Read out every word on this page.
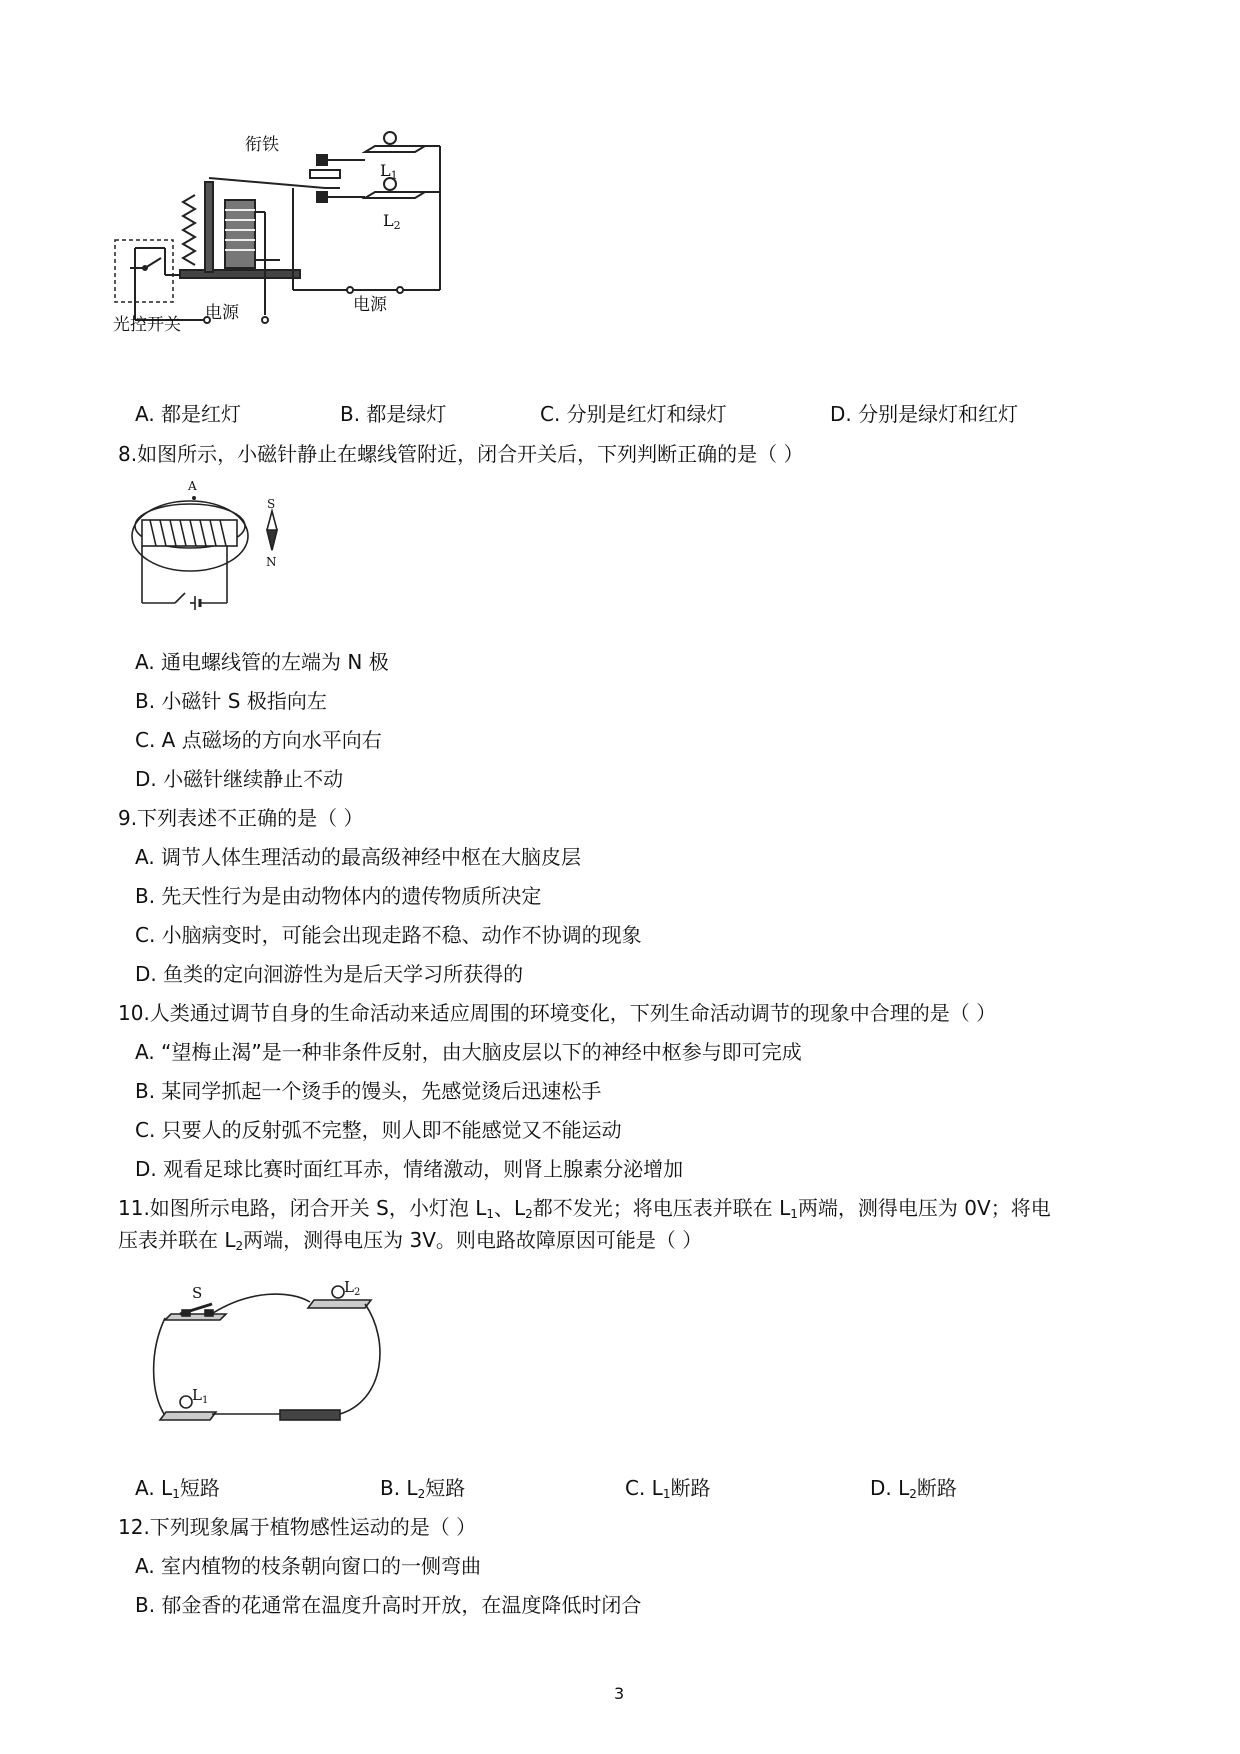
衔铁
电源	电源
光控开关
L1
L2
A. 都是红灯	B. 都是绿灯	C. 分别是红灯和绿灯	D. 分别是绿灯和红灯
8.如图所示，小磁针静止在螺线管附近，闭合开关后，下列判断正确的是（ ）
A
S
N
A. 通电螺线管的左端为 N 极
B. 小磁针 S 极指向左
C. A 点磁场的方向水平向右
D. 小磁针继续静止不动
9.下列表述不正确的是（ ）
A. 调节人体生理活动的最高级神经中枢在大脑皮层
B. 先天性行为是由动物体内的遗传物质所决定
C. 小脑病变时，可能会出现走路不稳、动作不协调的现象
D. 鱼类的定向洄游性为是后天学习所获得的
10.人类通过调节自身的生命活动来适应周围的环境变化，下列生命活动调节的现象中合理的是（ ）
A. “望梅止渴”是一种非条件反射，由大脑皮层以下的神经中枢参与即可完成
B. 某同学抓起一个烫手的馒头，先感觉烫后迅速松手
C. 只要人的反射弧不完整，则人即不能感觉又不能运动
D. 观看足球比赛时面红耳赤，情绪激动，则肾上腺素分泌增加
11.如图所示电路，闭合开关 S，小灯泡 $L_1$、$L_2$都不发光；将电压表并联在 $L_1$两端，测得电压为 0V；将电
压表并联在 $L_2$两端，测得电压为 3V。则电路故障原因可能是（ ）
S	$L_2$
$L_1$
A. $L_1$短路	B. $L_2$短路	C. $L_1$断路	D. $L_2$断路
12.下列现象属于植物感性运动的是（ ）
A. 室内植物的枝条朝向窗口的一侧弯曲
B. 郁金香的花通常在温度升高时开放，在温度降低时闭合
3
